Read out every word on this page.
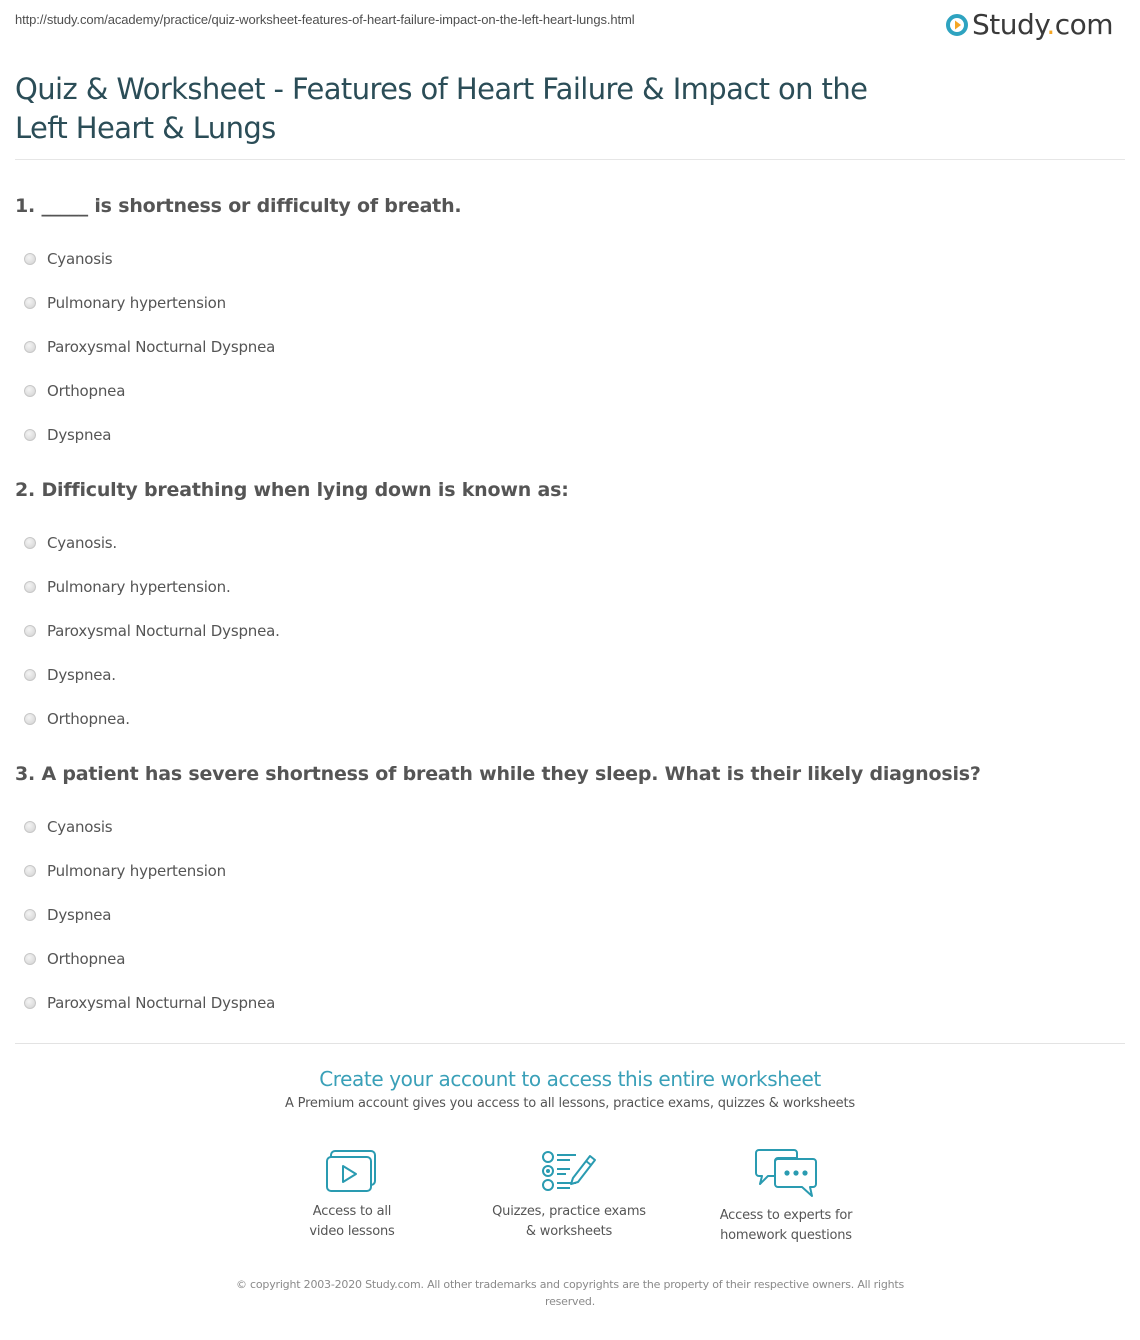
http://study.com/academy/practice/quiz-worksheet-features-of-heart-failure-impact-on-the-left-heart-lungs.html	Study.com
Quiz & Worksheet - Features of Heart Failure & Impact on the Left Heart & Lungs
1. _____ is shortness or difficulty of breath.
Cyanosis
Pulmonary hypertension
Paroxysmal Nocturnal Dyspnea
Orthopnea
Dyspnea
2. Difficulty breathing when lying down is known as:
Cyanosis.
Pulmonary hypertension.
Paroxysmal Nocturnal Dyspnea.
Dyspnea.
Orthopnea.
3. A patient has severe shortness of breath while they sleep. What is their likely diagnosis?
Cyanosis
Pulmonary hypertension
Dyspnea
Orthopnea
Paroxysmal Nocturnal Dyspnea
Create your account to access this entire worksheet
A Premium account gives you access to all lessons, practice exams, quizzes & worksheets
Access to all
video lessons
Quizzes, practice exams
& worksheets
Access to experts for
homework questions
© copyright 2003-2020 Study.com. All other trademarks and copyrights are the property of their respective owners. All rights reserved.
